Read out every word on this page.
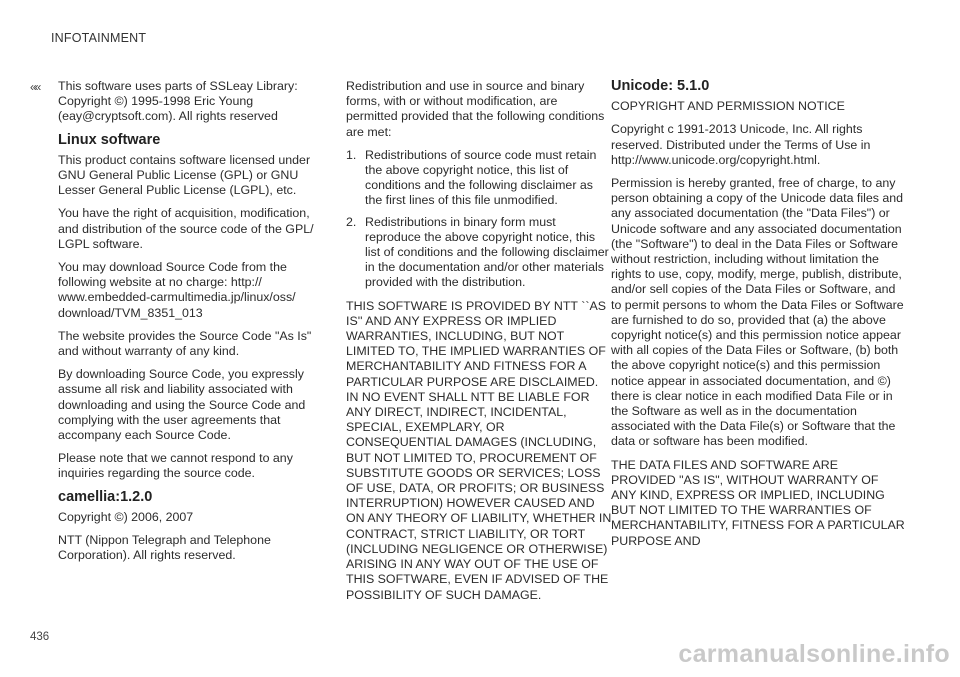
INFOTAINMENT
«« This software uses parts of SSLeay Library: Copyright ©) 1995-1998 Eric Young (eay@cryptsoft.com). All rights reserved

Linux software

This product contains software licensed under GNU General Public License (GPL) or GNU Lesser General Public License (LGPL), etc.

You have the right of acquisition, modification, and distribution of the source code of the GPL/ LGPL software.

You may download Source Code from the following website at no charge: http:// www.embedded-carmultimedia.jp/linux/oss/ download/TVM_8351_013

The website provides the Source Code "As Is" and without warranty of any kind.

By downloading Source Code, you expressly assume all risk and liability associated with downloading and using the Source Code and complying with the user agreements that accompany each Source Code.

Please note that we cannot respond to any inquiries regarding the source code.

camellia:1.2.0

Copyright ©) 2006, 2007

NTT (Nippon Telegraph and Telephone Corporation). All rights reserved.

Redistribution and use in source and binary forms, with or without modification, are permitted provided that the following conditions are met:

1. Redistributions of source code must retain the above copyright notice, this list of conditions and the following disclaimer as the first lines of this file unmodified.
2. Redistributions in binary form must reproduce the above copyright notice, this list of conditions and the following disclaimer in the documentation and/or other materials provided with the distribution.

THIS SOFTWARE IS PROVIDED BY NTT ``AS IS'' AND ANY EXPRESS OR IMPLIED WARRANTIES, INCLUDING, BUT NOT LIMITED TO, THE IMPLIED WARRANTIES OF MERCHANTABILITY AND FITNESS FOR A PARTICULAR PURPOSE ARE DISCLAIMED. IN NO EVENT SHALL NTT BE LIABLE FOR ANY DIRECT, INDIRECT, INCIDENTAL, SPECIAL, EXEMPLARY, OR CONSEQUENTIAL DAMAGES (INCLUDING, BUT NOT LIMITED TO, PROCUREMENT OF SUBSTITUTE GOODS OR SERVICES; LOSS OF USE, DATA, OR PROFITS; OR BUSINESS INTERRUPTION) HOWEVER CAUSED AND ON ANY THEORY OF LIABILITY, WHETHER IN CONTRACT, STRICT LIABILITY, OR TORT (INCLUDING NEGLIGENCE OR OTHERWISE) ARISING IN ANY WAY OUT OF THE USE OF THIS SOFTWARE, EVEN IF ADVISED OF THE POSSIBILITY OF SUCH DAMAGE.

Unicode: 5.1.0

COPYRIGHT AND PERMISSION NOTICE

Copyright c 1991-2013 Unicode, Inc. All rights reserved. Distributed under the Terms of Use in http://www.unicode.org/copyright.html.

Permission is hereby granted, free of charge, to any person obtaining a copy of the Unicode data files and any associated documentation (the "Data Files") or Unicode software and any associated documentation (the "Software") to deal in the Data Files or Software without restriction, including without limitation the rights to use, copy, modify, merge, publish, distribute, and/or sell copies of the Data Files or Software, and to permit persons to whom the Data Files or Software are furnished to do so, provided that (a) the above copyright notice(s) and this permission notice appear with all copies of the Data Files or Software, (b) both the above copyright notice(s) and this permission notice appear in associated documentation, and ©) there is clear notice in each modified Data File or in the Software as well as in the documentation associated with the Data File(s) or Software that the data or software has been modified.

THE DATA FILES AND SOFTWARE ARE PROVIDED "AS IS", WITHOUT WARRANTY OF ANY KIND, EXPRESS OR IMPLIED, INCLUDING BUT NOT LIMITED TO THE WARRANTIES OF MERCHANTABILITY, FITNESS FOR A PARTICULAR PURPOSE AND

436
carmanualsonline.info
